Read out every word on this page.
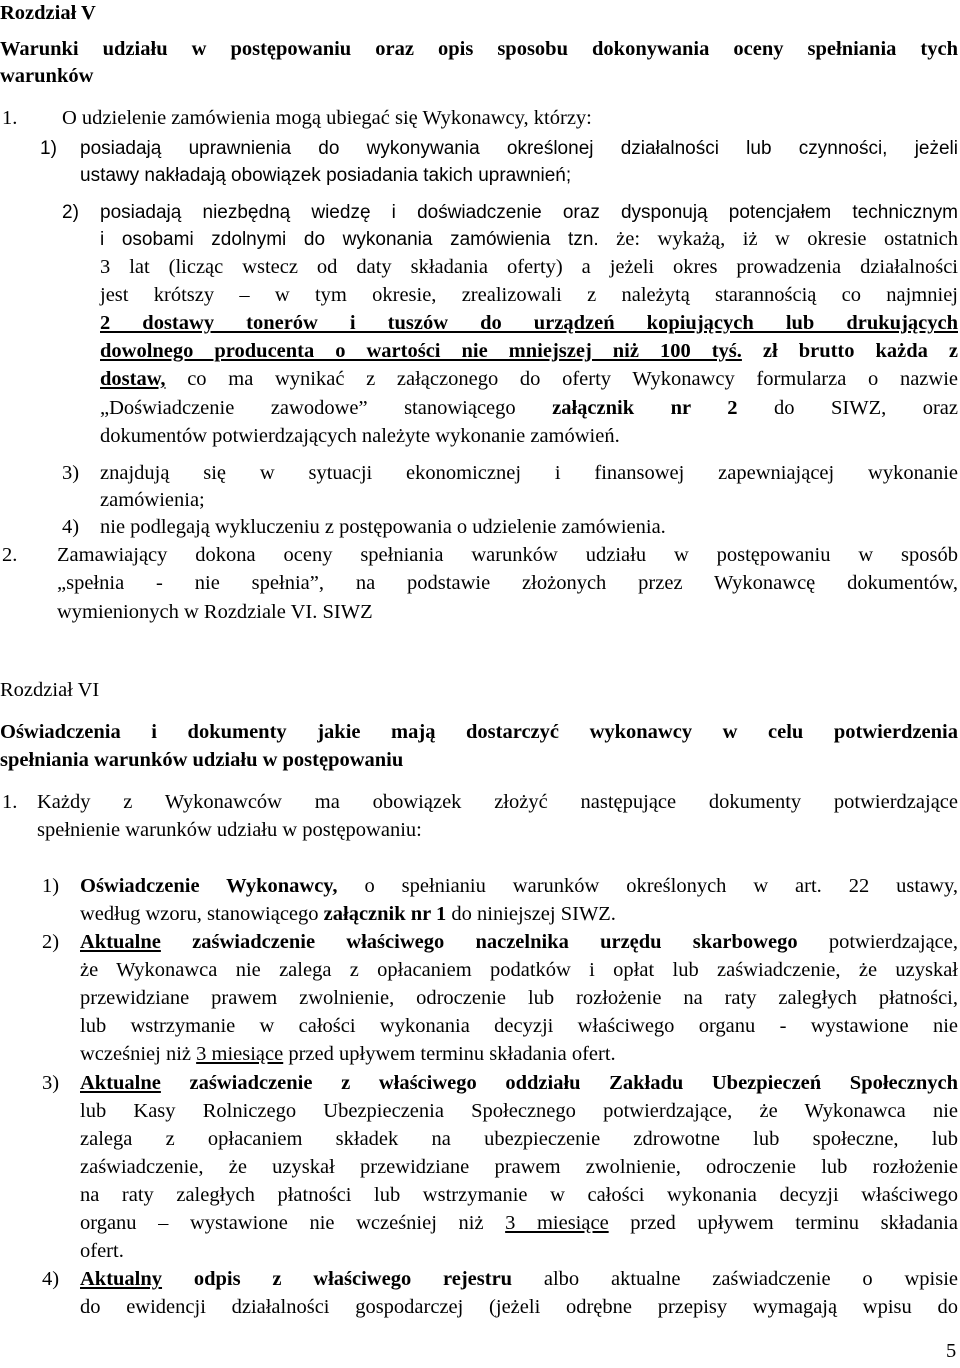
Rozdział V
Warunki udziału w postępowaniu oraz opis sposobu dokonywania oceny spełniania tych
warunków
1. O udzielenie zamówienia mogą ubiegać się Wykonawcy, którzy:
1) posiadają uprawnienia do wykonywania określonej działalności lub czynności, jeżeli
ustawy nakładają obowiązek posiadania takich uprawnień;
2) posiadają niezbędną wiedzę i doświadczenie oraz dysponują potencjałem technicznym
i osobami zdolnymi do wykonania zamówienia tzn. że: wykażą, iż w okresie ostatnich
3 lat (licząc wstecz od daty składania oferty) a jeżeli okres prowadzenia działalności
jest krótszy – w tym okresie, zrealizowali z należytą starannością co najmniej
2 dostawy tonerów i tuszów do urządzeń kopiujących lub drukujących
dowolnego producenta o wartości nie mniejszej niż 100 tyś. zł brutto każda z
dostaw, co ma wynikać z załączonego do oferty Wykonawcy formularza o nazwie
„Doświadczenie zawodowe” stanowiącego załącznik nr 2 do SIWZ, oraz
dokumentów potwierdzających należyte wykonanie zamówień.
3) znajdują się w sytuacji ekonomicznej i finansowej zapewniającej wykonanie
zamówienia;
4) nie podlegają wykluczeniu z postępowania o udzielenie zamówienia.
2. Zamawiający dokona oceny spełniania warunków udziału w postępowaniu w sposób
„spełnia - nie spełnia”, na podstawie złożonych przez Wykonawcę dokumentów,
wymienionych w Rozdziale VI. SIWZ
Rozdział VI
Oświadczenia i dokumenty jakie mają dostarczyć wykonawcy w celu potwierdzenia
spełniania warunków udziału w postępowaniu
1. Każdy z Wykonawców ma obowiązek złożyć następujące dokumenty potwierdzające
spełnienie warunków udziału w postępowaniu:
1) Oświadczenie Wykonawcy, o spełnianiu warunków określonych w art. 22 ustawy,
według wzoru, stanowiącego załącznik nr 1 do niniejszej SIWZ.
2) Aktualne zaświadczenie właściwego naczelnika urzędu skarbowego potwierdzające,
że Wykonawca nie zalega z opłacaniem podatków i opłat lub zaświadczenie, że uzyskał
przewidziane prawem zwolnienie, odroczenie lub rozłożenie na raty zaległych płatności,
lub wstrzymanie w całości wykonania decyzji właściwego organu - wystawione nie
wcześniej niż 3 miesiące przed upływem terminu składania ofert.
3) Aktualne zaświadczenie z właściwego oddziału Zakładu Ubezpieczeń Społecznych
lub Kasy Rolniczego Ubezpieczenia Społecznego potwierdzające, że Wykonawca nie
zalega z opłacaniem składek na ubezpieczenie zdrowotne lub społeczne, lub
zaświadczenie, że uzyskał przewidziane prawem zwolnienie, odroczenie lub rozłożenie
na raty zaległych płatności lub wstrzymanie w całości wykonania decyzji właściwego
organu – wystawione nie wcześniej niż 3 miesiące przed upływem terminu składania
ofert.
4) Aktualny odpis z właściwego rejestru albo aktualne zaświadczenie o wpisie
do ewidencji działalności gospodarczej (jeżeli odrębne przepisy wymagają wpisu do
5
